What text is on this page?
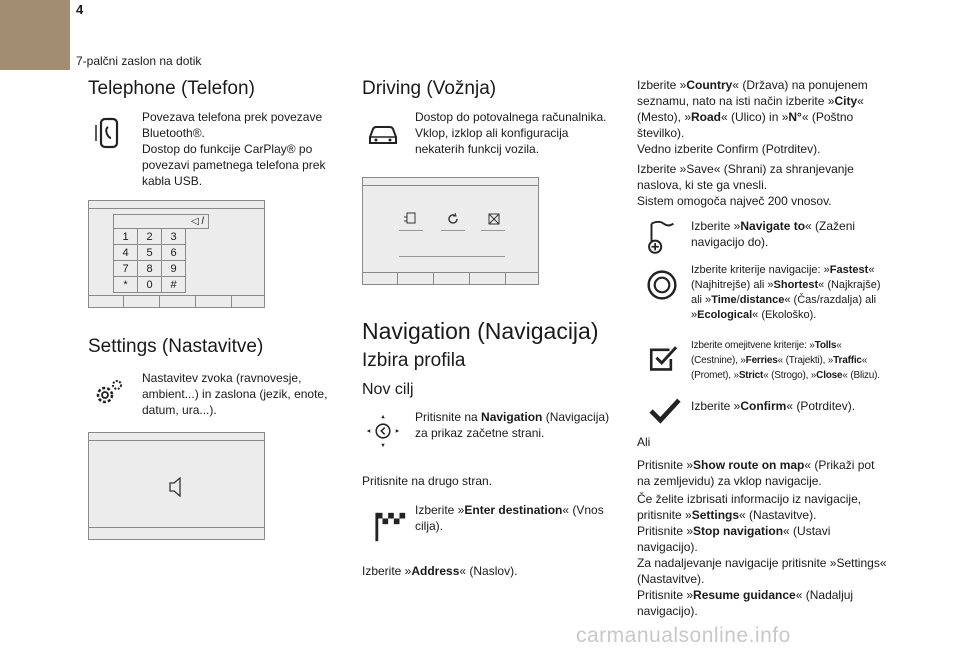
4
7-palčni zaslon na dotik
Telephone (Telefon)
Povezava telefona prek povezave
Bluetooth®.
Dostop do funkcije CarPlay® po
povezavi pametnega telefona prek
kabla USB.
◁ 𝑙
1	2	3
4	5	6
7	8	9
*	0	#
Settings (Nastavitve)
Nastavitev zvoka (ravnovesje,
ambient...) in zaslona (jezik, enote,
datum, ura...).
Driving (Vožnja)
Dostop do potovalnega računalnika.
Vklop, izklop ali konfiguracija
nekaterih funkcij vozila.
Navigation (Navigacija)
Izbira profila
Nov cilj
Pritisnite na Navigation (Navigacija)
za prikaz začetne strani.
Pritisnite na drugo stran.
Izberite »Enter destination« (Vnos
cilja).
Izberite »Address« (Naslov).
Izberite »Country« (Država) na ponujenem
seznamu, nato na isti način izberite »City«
(Mesto), »Road« (Ulico) in »N°« (Poštno
številko).
Vedno izberite Confirm (Potrditev).
Izberite »Save« (Shrani) za shranjevanje
naslova, ki ste ga vnesli.
Sistem omogoča največ 200 vnosov.
Izberite »Navigate to« (Zaženi
navigacijo do).
Izberite kriterije navigacije: »Fastest«
(Najhitrejše) ali »Shortest« (Najkrajše)
ali »Time/distance« (Čas/razdalja) ali
»Ecological« (Ekološko).
Izberite omejitvene kriterije: »Tolls«
(Cestnine), »Ferries« (Trajekti), »Traffic«
(Promet), »Strict« (Strogo), »Close« (Blizu).
Izberite »Confirm« (Potrditev).
Ali
Pritisnite »Show route on map« (Prikaži pot
na zemljevidu) za vklop navigacije.
Če želite izbrisati informacijo iz navigacije,
pritisnite »Settings« (Nastavitve).
Pritisnite »Stop navigation« (Ustavi
navigacijo).
Za nadaljevanje navigacije pritisnite »Settings«
(Nastavitve).
Pritisnite »Resume guidance« (Nadaljuj
navigacijo).
carmanualsonline.info
